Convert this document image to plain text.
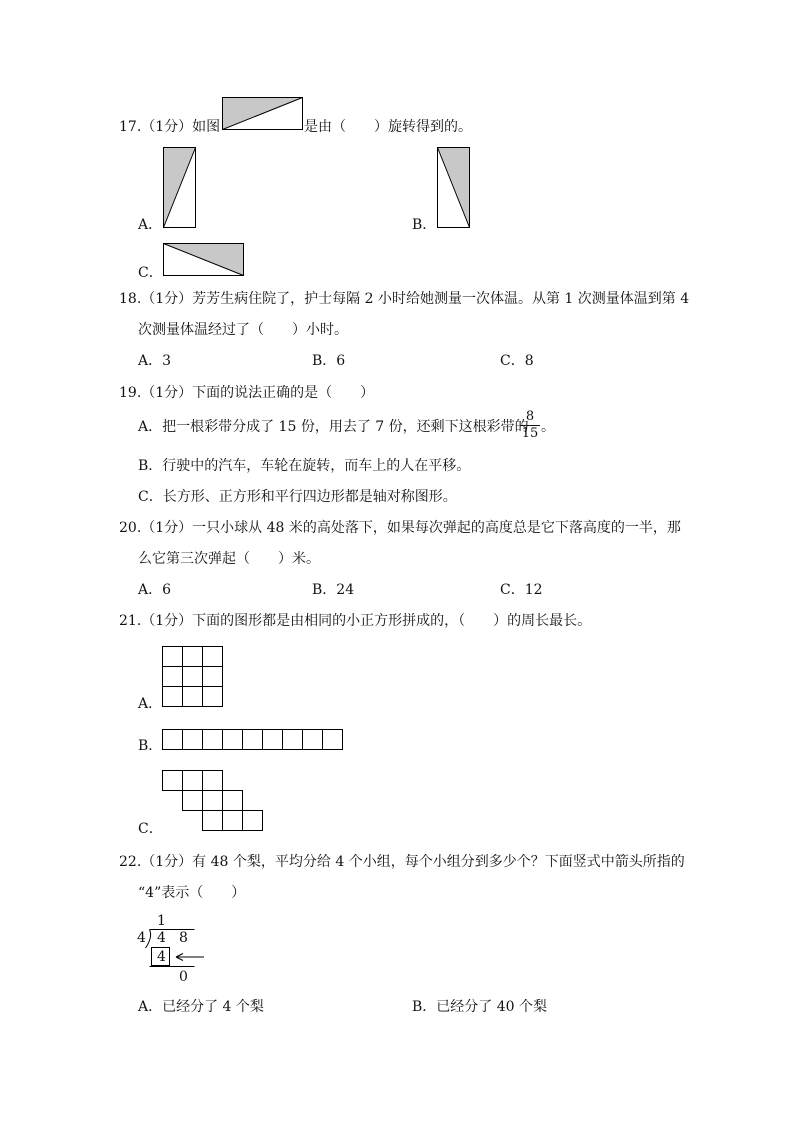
17.（1分）如图	是由（　　）旋转得到的。
A．	B．
C．
18.（1分）芳芳生病住院了，护士每隔 2 小时给她测量一次体温。从第 1 次测量体温到第 4
次测量体温经过了（　　）小时。
A．3	B．6	C．8
19.（1分）下面的说法正确的是（　　）
A．把一根彩带分成了 15 份，用去了 7 份，还剩下这根彩带的
8
15 。
B．行驶中的汽车，车轮在旋转，而车上的人在平移。
C．长方形、正方形和平行四边形都是轴对称图形。
20.（1分）一只小球从 48 米的高处落下，如果每次弹起的高度总是它下落高度的一半，那
么它第三次弹起（　　）米。
A．6	B．24	C．12
21.（1分）下面的图形都是由相同的小正方形拼成的，（　　）的周长最长。
A．
B．
C．
22.（1分）有 48 个梨，平均分给 4 个小组，每个小组分到多少个？下面竖式中箭头所指的
“4”表示（　　）
1
4 4 8
4
0
A．已经分了 4 个梨	B．已经分了 40 个梨
